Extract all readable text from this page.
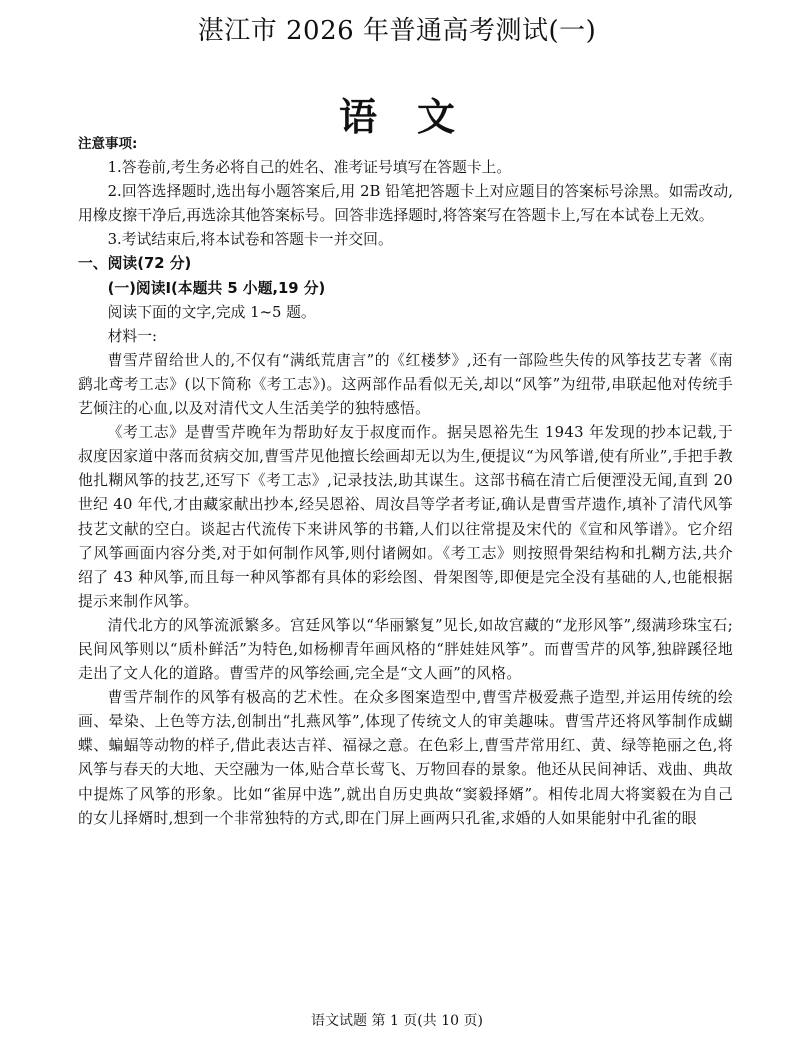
湛江市 2026 年普通高考测试(一)
语文

注意事项:

1.答卷前,考生务必将自己的姓名、准考证号填写在答题卡上。

2.回答选择题时,选出每小题答案后,用 2B 铅笔把答题卡上对应题目的答案标号涂黑。如需改动,用橡皮擦干净后,再选涂其他答案标号。回答非选择题时,将答案写在答题卡上,写在本试卷上无效。

3.考试结束后,将本试卷和答题卡一并交回。

一、阅读(72 分)

(一)阅读Ⅰ(本题共 5 小题,19 分)

阅读下面的文字,完成 1~5 题。

材料一:

曹雪芹留给世人的,不仅有“满纸荒唐言”的《红楼梦》,还有一部险些失传的风筝技艺专著《南鹞北鸢考工志》(以下简称《考工志》)。这两部作品看似无关,却以“风筝”为纽带,串联起他对传统手艺倾注的心血,以及对清代文人生活美学的独特感悟。

《考工志》是曹雪芹晚年为帮助好友于叔度而作。据吴恩裕先生 1943 年发现的抄本记载,于叔度因家道中落而贫病交加,曹雪芹见他擅长绘画却无以为生,便提议“为风筝谱,使有所业”,手把手教他扎糊风筝的技艺,还写下《考工志》,记录技法,助其谋生。这部书稿在清亡后便湮没无闻,直到 20 世纪 40 年代,才由藏家献出抄本,经吴恩裕、周汝昌等学者考证,确认是曹雪芹遗作,填补了清代风筝技艺文献的空白。谈起古代流传下来讲风筝的书籍,人们以往常提及宋代的《宣和风筝谱》。它介绍了风筝画面内容分类,对于如何制作风筝,则付诸阙如。《考工志》则按照骨架结构和扎糊方法,共介绍了 43 种风筝,而且每一种风筝都有具体的彩绘图、骨架图等,即便是完全没有基础的人,也能根据提示来制作风筝。

清代北方的风筝流派繁多。宫廷风筝以“华丽繁复”见长,如故宫藏的“龙形风筝”,缀满珍珠宝石;民间风筝则以“质朴鲜活”为特色,如杨柳青年画风格的“胖娃娃风筝”。而曹雪芹的风筝,独辟蹊径地走出了文人化的道路。曹雪芹的风筝绘画,完全是“文人画”的风格。

曹雪芹制作的风筝有极高的艺术性。在众多图案造型中,曹雪芹极爱燕子造型,并运用传统的绘画、晕染、上色等方法,创制出“扎燕风筝”,体现了传统文人的审美趣味。曹雪芹还将风筝制作成蝴蝶、蝙蝠等动物的样子,借此表达吉祥、福禄之意。在色彩上,曹雪芹常用红、黄、绿等艳丽之色,将风筝与春天的大地、天空融为一体,贴合草长莺飞、万物回春的景象。他还从民间神话、戏曲、典故中提炼了风筝的形象。比如“雀屏中选”,就出自历史典故“窦毅择婿”。相传北周大将窦毅在为自己的女儿择婿时,想到一个非常独特的方式,即在门屏上画两只孔雀,求婚的人如果能射中孔雀的眼

语文试题 第 1 页(共 10 页)
